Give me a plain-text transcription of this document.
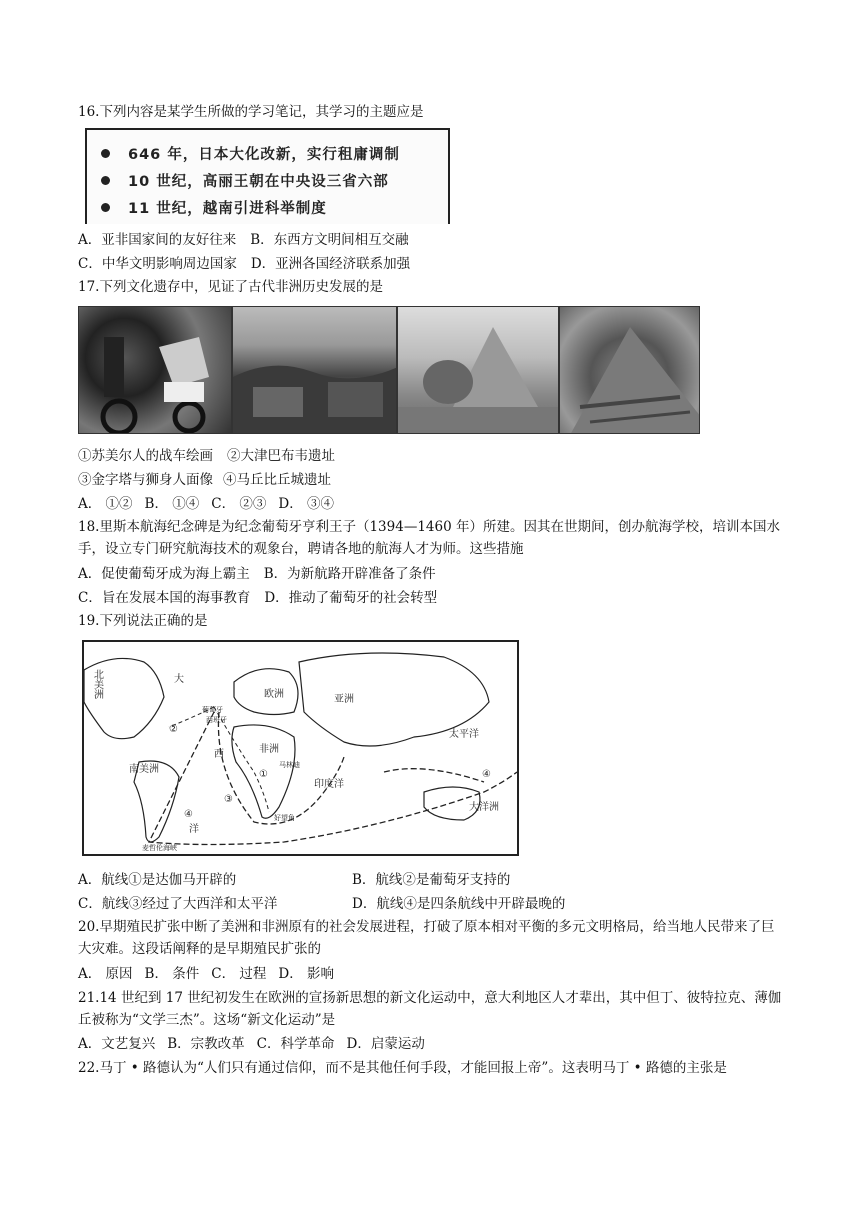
16.下列内容是某学生所做的学习笔记，其学习的主题应是
646 年，日本大化改新，实行租庸调制
10 世纪，高丽王朝在中央设三省六部
11 世纪，越南引进科举制度
A．亚非国家间的友好往来 B．东西方文明间相互交融
C．中华文明影响周边国家 D．亚洲各国经济联系加强
17.下列文化遗存中，见证了古代非洲历史发展的是
①苏美尔人的战车绘画 ②大津巴布韦遗址
③金字塔与狮身人面像 ④马丘比丘城遗址
A． ①② B． ①④ C． ②③ D． ③④
18.里斯本航海纪念碑是为纪念葡萄牙亨利王子（1394—1460 年）所建。因其在世期间，创办航海学校，培训本国水手，设立专门研究航海技术的观象台，聘请各地的航海人才为师。这些措施
A．促使葡萄牙成为海上霸主 B．为新航路开辟准备了条件
C．旨在发展本国的海事教育 D．推动了葡萄牙的社会转型
19.下列说法正确的是
北美洲
大
西
洋
欧洲	亚洲
非洲
南美洲
印度洋
太平洋
大洋洲
西班牙
葡萄牙
好望角
麦哲伦海峡
马林迪
①
②
③
④
④
A．航线①是达伽马开辟的	B．航线②是葡萄牙支持的
C．航线③经过了大西洋和太平洋	D．航线④是四条航线中开辟最晚的
20.早期殖民扩张中断了美洲和非洲原有的社会发展进程，打破了原本相对平衡的多元文明格局，给当地人民带来了巨大灾难。这段话阐释的是早期殖民扩张的
A． 原因 B． 条件 C． 过程 D． 影响
21.14 世纪到 17 世纪初发生在欧洲的宣扬新思想的新文化运动中，意大利地区人才辈出，其中但丁、彼特拉克、薄伽丘被称为“文学三杰”。这场“新文化运动”是
A．文艺复兴 B．宗教改革 C．科学革命 D．启蒙运动
22.马丁 • 路德认为“人们只有通过信仰，而不是其他任何手段，才能回报上帝”。这表明马丁 • 路德的主张是
